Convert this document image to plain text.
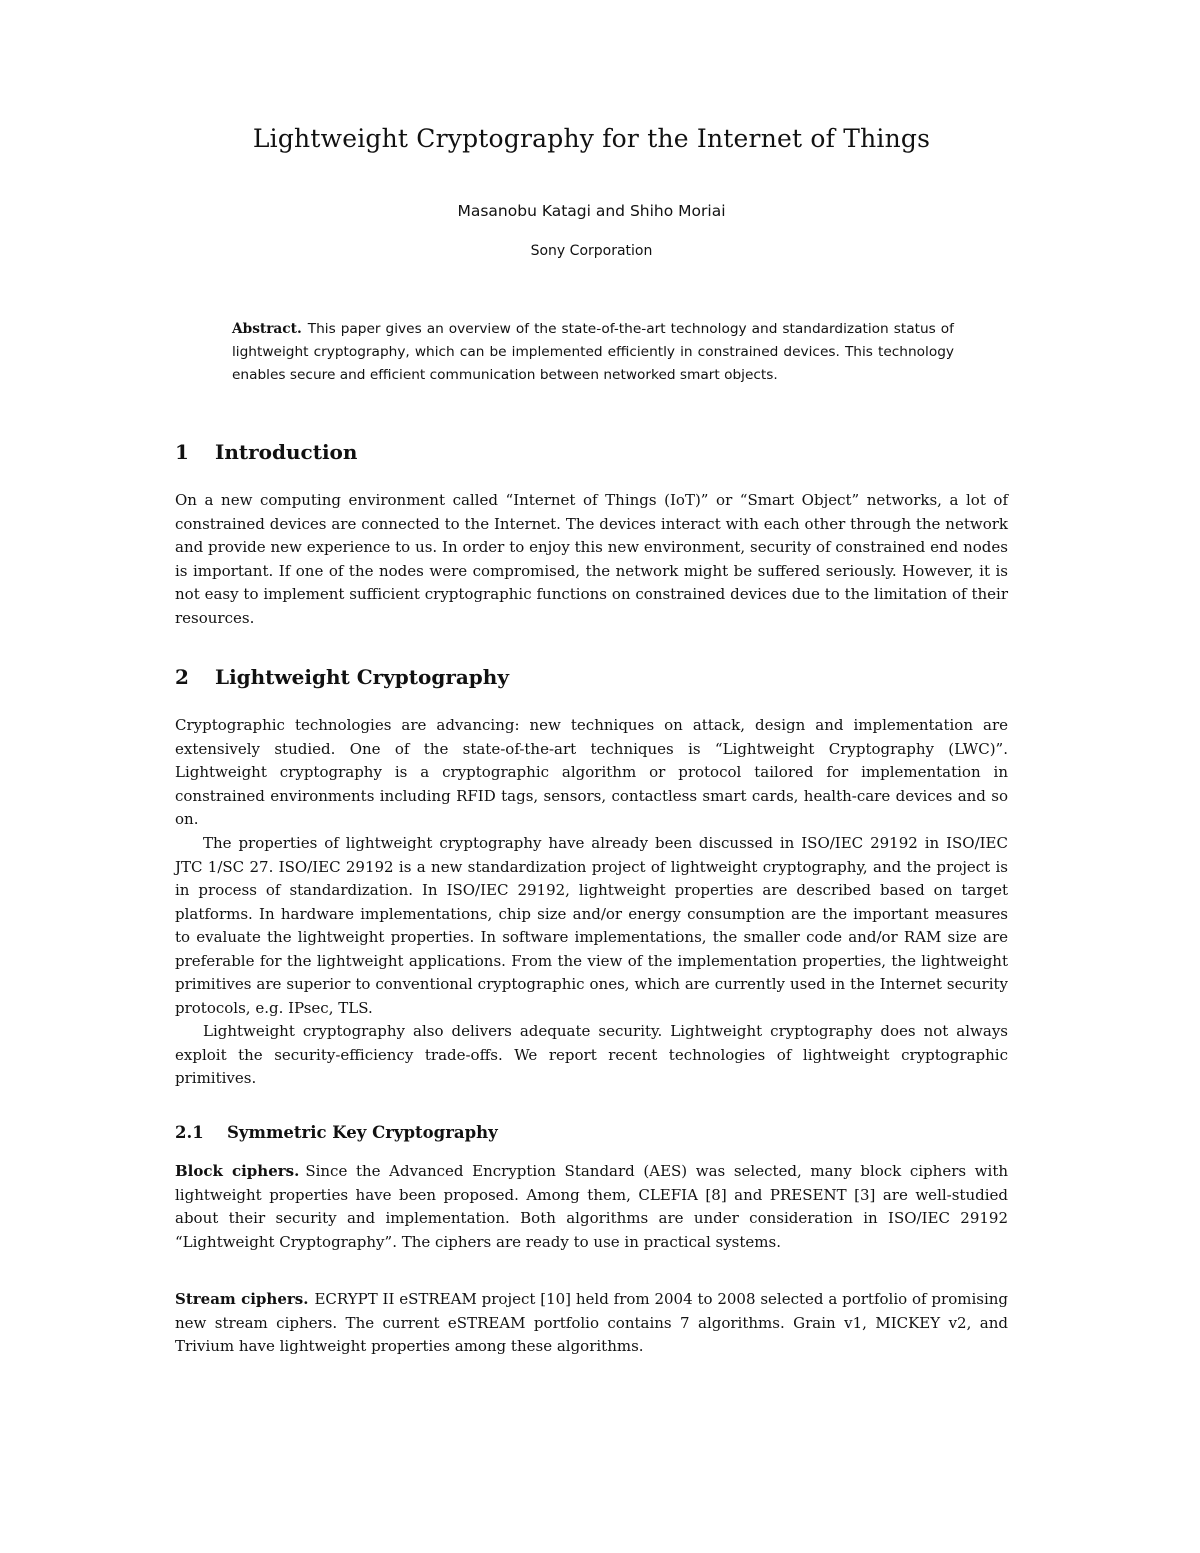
Lightweight Cryptography for the Internet of Things

Masanobu Katagi and Shiho Moriai

Sony Corporation

Abstract. This paper gives an overview of the state-of-the-art technology and standardization status of lightweight cryptography, which can be implemented efficiently in constrained devices. This technology enables secure and efficient communication between networked smart objects.

1 Introduction

On a new computing environment called “Internet of Things (IoT)” or “Smart Object” networks, a lot of constrained devices are connected to the Internet. The devices interact with each other through the network and provide new experience to us. In order to enjoy this new environment, security of constrained end nodes is important. If one of the nodes were compromised, the network might be suffered seriously. However, it is not easy to implement sufficient cryptographic functions on constrained devices due to the limitation of their resources.

2 Lightweight Cryptography

Cryptographic technologies are advancing: new techniques on attack, design and implementation are extensively studied. One of the state-of-the-art techniques is “Lightweight Cryptography (LWC)”. Lightweight cryptography is a cryptographic algorithm or protocol tailored for implementation in constrained environments including RFID tags, sensors, contactless smart cards, health-care devices and so on.

The properties of lightweight cryptography have already been discussed in ISO/IEC 29192 in ISO/IEC JTC 1/SC 27. ISO/IEC 29192 is a new standardization project of lightweight cryptography, and the project is in process of standardization. In ISO/IEC 29192, lightweight properties are described based on target platforms. In hardware implementations, chip size and/or energy consumption are the important measures to evaluate the lightweight properties. In software implementations, the smaller code and/or RAM size are preferable for the lightweight applications. From the view of the implementation properties, the lightweight primitives are superior to conventional cryptographic ones, which are currently used in the Internet security protocols, e.g. IPsec, TLS.

Lightweight cryptography also delivers adequate security. Lightweight cryptography does not always exploit the security-efficiency trade-offs. We report recent technologies of lightweight cryptographic primitives.

2.1 Symmetric Key Cryptography

Block ciphers. Since the Advanced Encryption Standard (AES) was selected, many block ciphers with lightweight properties have been proposed. Among them, CLEFIA [8] and PRESENT [3] are well-studied about their security and implementation. Both algorithms are under consideration in ISO/IEC 29192 “Lightweight Cryptography”. The ciphers are ready to use in practical systems.

Stream ciphers. ECRYPT II eSTREAM project [10] held from 2004 to 2008 selected a portfolio of promising new stream ciphers. The current eSTREAM portfolio contains 7 algorithms. Grain v1, MICKEY v2, and Trivium have lightweight properties among these algorithms.
